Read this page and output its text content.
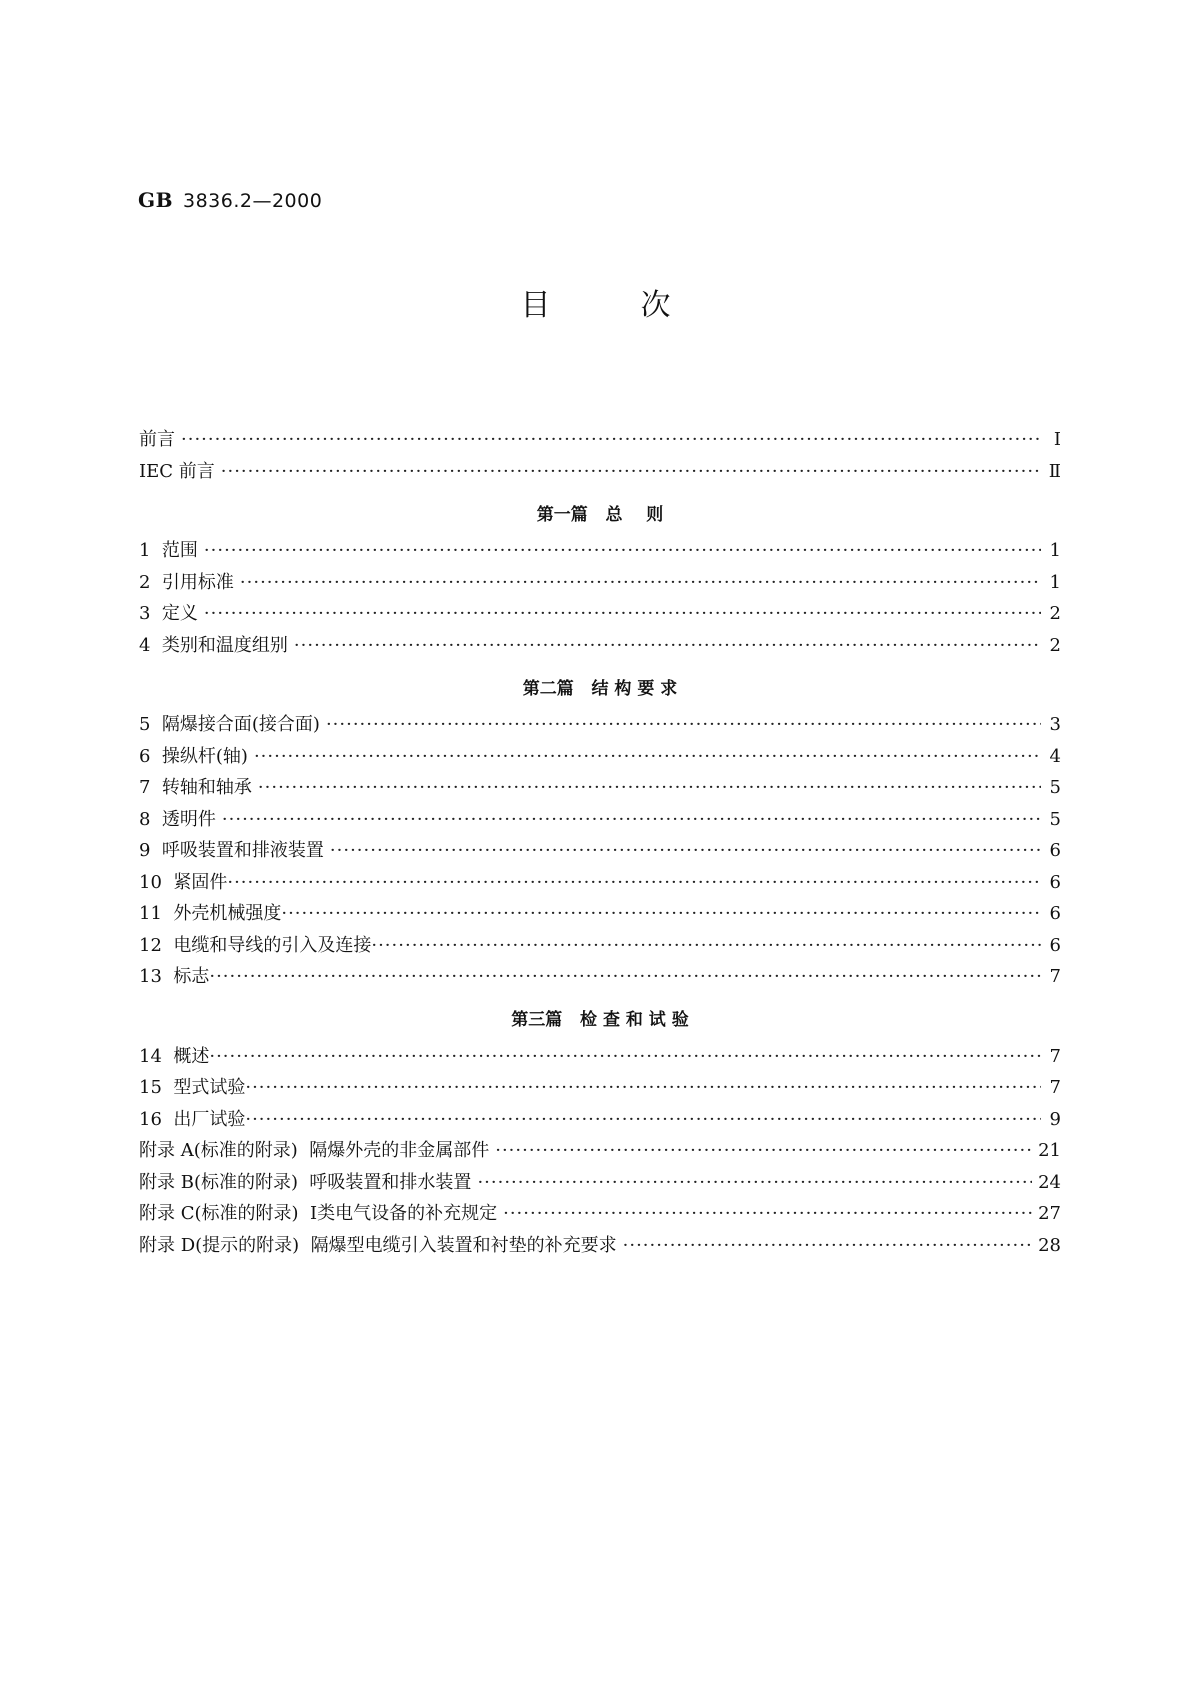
GB 3836.2—2000
目次
前言 ·····	Ⅰ
IEC 前言 ·····	Ⅱ
第一篇   总    则
1  范围 ·····	1
2  引用标准 ·····	1
3  定义 ·····	2
4  类别和温度组别 ·····	2
第二篇   结 构 要 求
5  隔爆接合面(接合面) ·····	3
6  操纵杆(轴) ·····	4
7  转轴和轴承 ·····	5
8  透明件 ·····	5
9  呼吸装置和排液装置 ·····	6
10  紧固件 ·····	6
11  外壳机械强度 ·····	6
12  电缆和导线的引入及连接 ·····	6
13  标志 ·····	7
第三篇   检 查 和 试 验
14  概述 ·····	7
15  型式试验 ·····	7
16  出厂试验 ·····	9
附录 A(标准的附录)  隔爆外壳的非金属部件 ·····	21
附录 B(标准的附录)  呼吸装置和排水装置 ·····	24
附录 C(标准的附录)  Ⅰ类电气设备的补充规定 ·····	27
附录 D(提示的附录)  隔爆型电缆引入装置和衬垫的补充要求 ·····	28
